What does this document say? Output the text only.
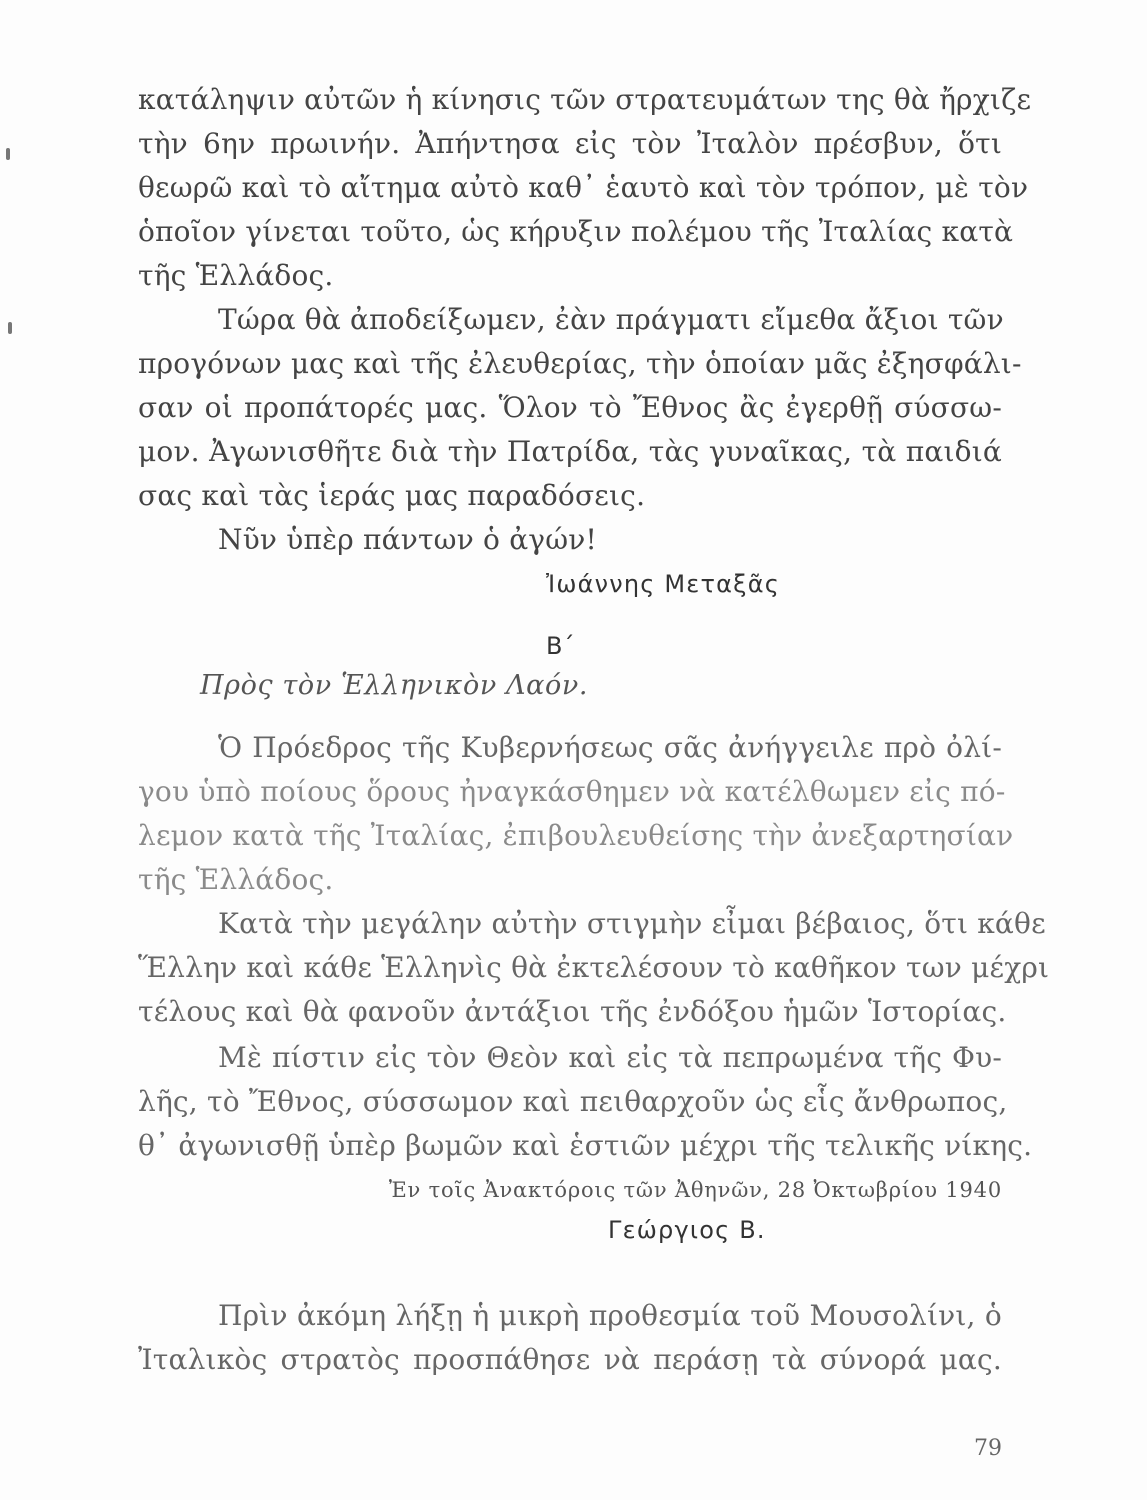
κατάληψιν αὐτῶν ἡ κίνησις τῶν στρατευμάτων της θὰ ἤρχιζε
τὴν 6ην πρωινήν. Ἀπήντησα εἰς τὸν Ἰταλὸν πρέσβυν, ὅτι
θεωρῶ καὶ τὸ αἴτημα αὐτὸ καθ᾽ ἑαυτὸ καὶ τὸν τρόπον, μὲ τὸν
ὁποῖον γίνεται τοῦτο, ὡς κήρυξιν πολέμου τῆς Ἰταλίας κατὰ
τῆς Ἑλλάδος.
Τώρα θὰ ἀποδείξωμεν, ἐὰν πράγματι εἴμεθα ἄξιοι τῶν
προγόνων μας καὶ τῆς ἐλευθερίας, τὴν ὁποίαν μᾶς ἐξησφάλι-
σαν οἱ προπάτορές μας. Ὅλον τὸ Ἔθνος ἂς ἐγερθῇ σύσσω-
μον. Ἀγωνισθῆτε διὰ τὴν Πατρίδα, τὰς γυναῖκας, τὰ παιδιά
σας καὶ τὰς ἱεράς μας παραδόσεις.
Νῦν ὑπὲρ πάντων ὁ ἀγών!
Ἰωάννης Μεταξᾶς
Β΄
Πρὸς τὸν Ἑλληνικὸν Λαόν.
Ὁ Πρόεδρος τῆς Κυβερνήσεως σᾶς ἀνήγγειλε πρὸ ὀλί-
γου ὑπὸ ποίους ὅρους ἠναγκάσθημεν νὰ κατέλθωμεν εἰς πό-
λεμον κατὰ τῆς Ἰταλίας, ἐπιβουλευθείσης τὴν ἀνεξαρτησίαν
τῆς Ἑλλάδος.
Κατὰ τὴν μεγάλην αὐτὴν στιγμὴν εἶμαι βέβαιος, ὅτι κάθε
Ἕλλην καὶ κάθε Ἑλληνὶς θὰ ἐκτελέσουν τὸ καθῆκον των μέχρι
τέλους καὶ θὰ φανοῦν ἀντάξιοι τῆς ἐνδόξου ἡμῶν Ἱστορίας.
Μὲ πίστιν εἰς τὸν Θεὸν καὶ εἰς τὰ πεπρωμένα τῆς Φυ-
λῆς, τὸ Ἔθνος, σύσσωμον καὶ πειθαρχοῦν ὡς εἷς ἄνθρωπος,
θ᾽ ἀγωνισθῇ ὑπὲρ βωμῶν καὶ ἑστιῶν μέχρι τῆς τελικῆς νίκης.
Ἐν τοῖς Ἀνακτόροις τῶν Ἀθηνῶν, 28 Ὀκτωβρίου 1940
Γεώργιος Β.
Πρὶν ἀκόμη λήξῃ ἡ μικρὴ προθεσμία τοῦ Μουσολίνι, ὁ
Ἰταλικὸς στρατὸς προσπάθησε νὰ περάσῃ τὰ σύνορά μας.
79
